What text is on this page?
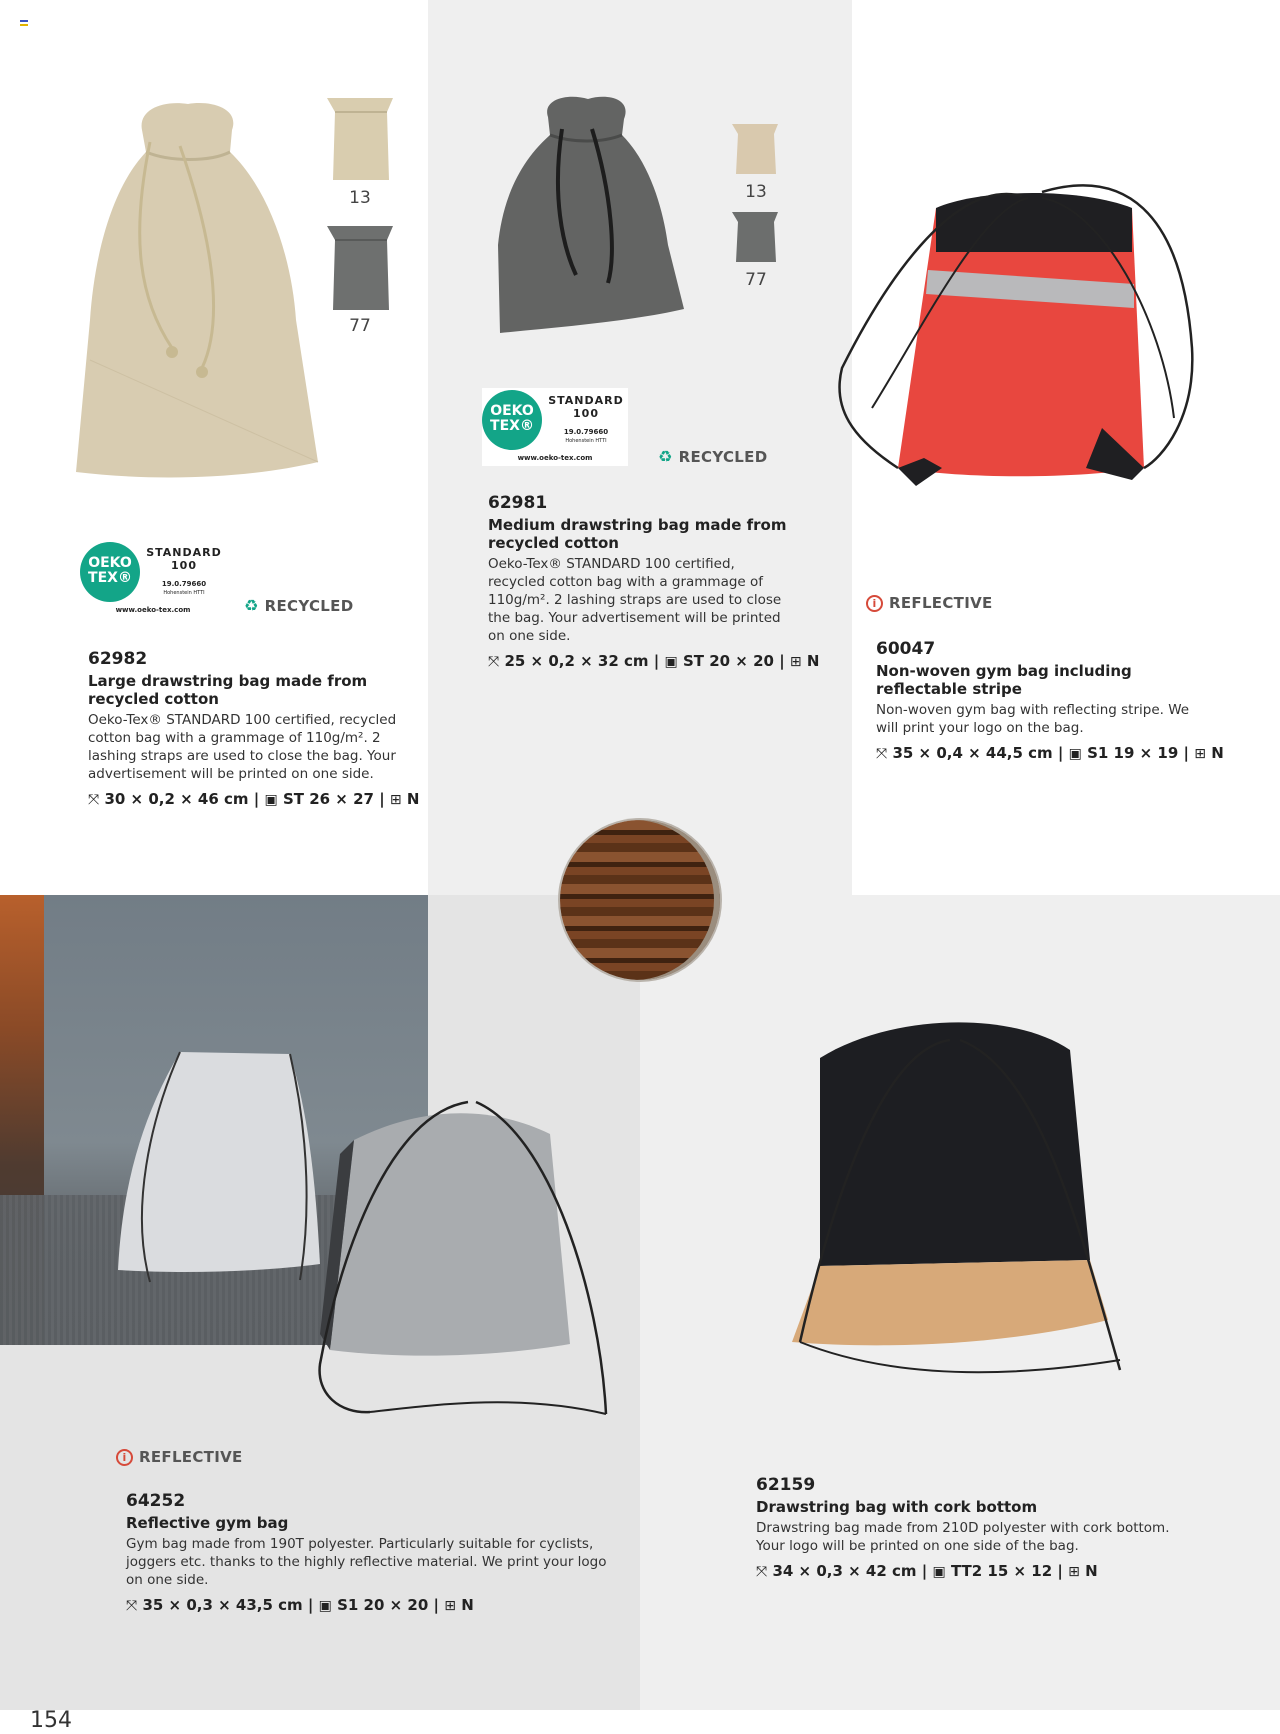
13
77
OEKO
TEX®
STANDARD
100
19.0.79660
Hohenstein HTTI
www.oeko-tex.com	♻ RECYCLED
62982
Large drawstring bag made from recycled cotton
Oeko-Tex® STANDARD 100 certified, recycled cotton bag with a grammage of 110g/m². 2 lashing straps are used to close the bag. Your advertisement will be printed on one side.
⤧ 30 × 0,2 × 46 cm | ▣ ST 26 × 27 | ⊞ N
13
77
OEKO
TEX®
STANDARD
100
19.0.79660
Hohenstein HTTI
www.oeko-tex.com	♻ RECYCLED
62981
Medium drawstring bag made from recycled cotton
Oeko-Tex® STANDARD 100 certified, recycled cotton bag with a grammage of 110g/m². 2 lashing straps are used to close the bag. Your advertisement will be printed on one side.
⤧ 25 × 0,2 × 32 cm | ▣ ST 20 × 20 | ⊞ N
i REFLECTIVE
60047
Non-woven gym bag including reflectable stripe
Non-woven gym bag with reflecting stripe. We will print your logo on the bag.
⤧ 35 × 0,4 × 44,5 cm | ▣ S1 19 × 19 | ⊞ N
i REFLECTIVE
64252
Reflective gym bag
Gym bag made from 190T polyester. Particularly suitable for cyclists, joggers etc. thanks to the highly reflective material. We print your logo on one side.
⤧ 35 × 0,3 × 43,5 cm | ▣ S1 20 × 20 | ⊞ N
62159
Drawstring bag with cork bottom
Drawstring bag made from 210D polyester with cork bottom. Your logo will be printed on one side of the bag.
⤧ 34 × 0,3 × 42 cm | ▣ TT2 15 × 12 | ⊞ N
154
